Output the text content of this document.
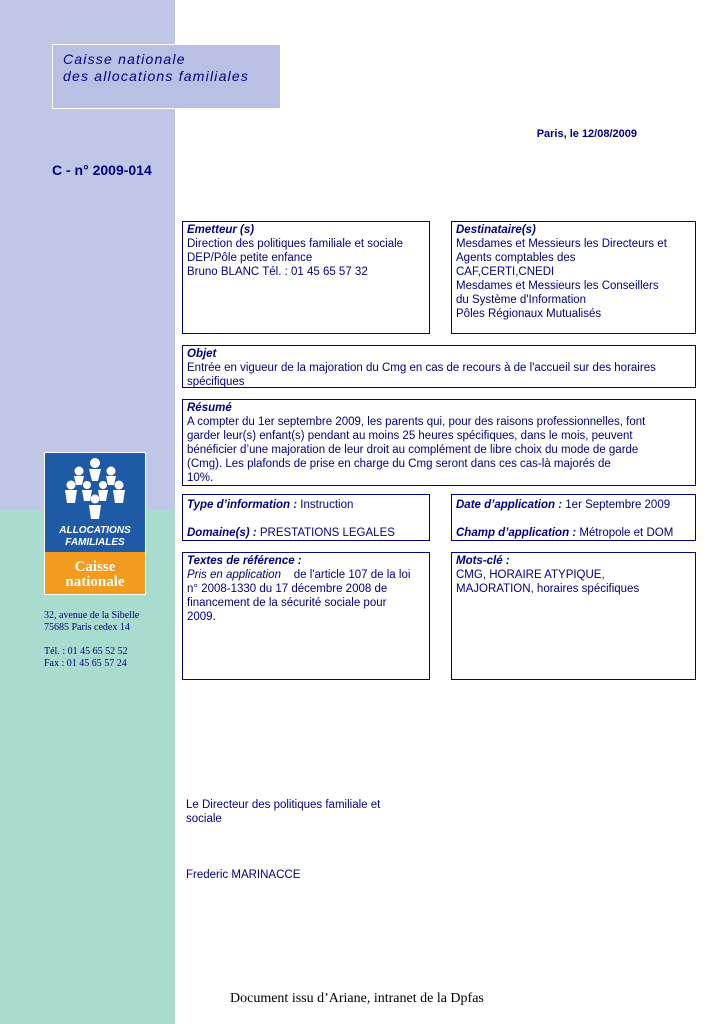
Caisse nationale
des allocations familiales
Paris, le 12/08/2009
C - n° 2009-014
Emetteur (s)
Direction des politiques familiale et sociale
DEP/Pôle petite enfance
Bruno BLANC Tél. : 01 45 65 57 32
Destinataire(s)
Mesdames et Messieurs les Directeurs et
Agents comptables des
CAF,CERTI,CNEDI
Mesdames et Messieurs les Conseillers
du Système d'Information
Pôles Régionaux Mutualisés
Objet
Entrée en vigueur de la majoration du Cmg en cas de recours à de l'accueil sur des horaires
spécifiques
Résumé
A compter du 1er septembre 2009, les parents qui, pour des raisons professionnelles, font
garder leur(s) enfant(s) pendant au moins 25 heures spécifiques, dans le mois, peuvent
bénéficier d’une majoration de leur droit au complément de libre choix du mode de garde
(Cmg). Les plafonds de prise en charge du Cmg seront dans ces cas-là majorés de
10%.
Type d’information : Instruction
Domaine(s) : PRESTATIONS LEGALES
Date d’application : 1er Septembre 2009
Champ d’application : Métropole et DOM
Textes de référence :
Pris en application    de l'article 107 de la loi
n° 2008-1330 du 17 décembre 2008 de
financement de la sécurité sociale pour
2009.
Mots-clé :
CMG, HORAIRE ATYPIQUE,
MAJORATION, horaires spécifiques
ALLOCATIONS
FAMILIALES
Caisse
nationale
32, avenue de la Sibelle
75685 Paris cedex 14
Tél. : 01 45 65 52 52
Fax : 01 45 65 57 24
Le Directeur des politiques familiale et
sociale
Frederic MARINACCE
Document issu d’Ariane, intranet de la Dpfas
